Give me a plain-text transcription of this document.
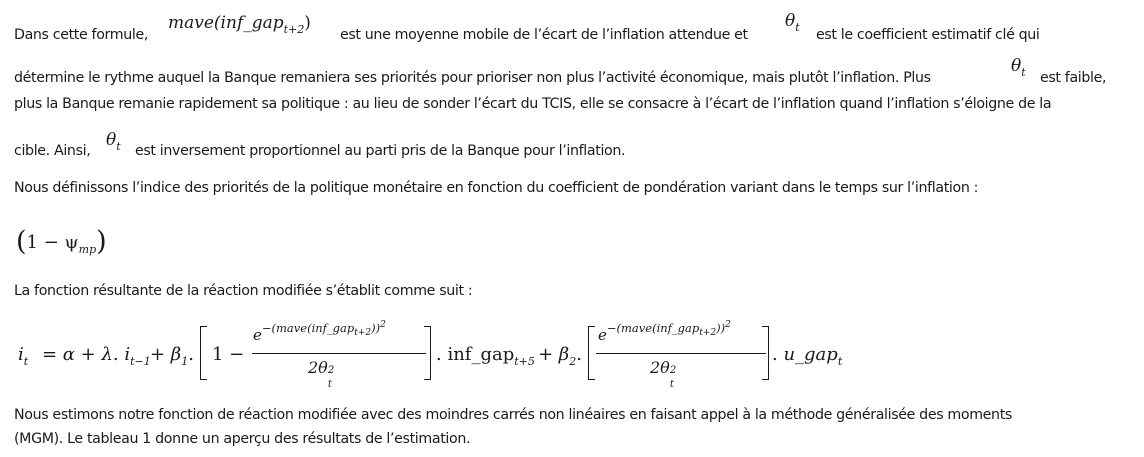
Dans cette formule,
mave(inf_gap$_{t+2}$)
est une moyenne mobile de l’écart de l’inflation attendue et
$\theta_t$ est le coefficient estimatif clé qui
détermine le rythme auquel la Banque remaniera ses priorités pour prioriser non plus l’activité économique, mais plutôt l’inflation. Plus
$\theta_t$ est faible,
plus la Banque remanie rapidement sa politique : au lieu de sonder l’écart du TCIS, elle se consacre à l’écart de l’inflation quand l’inflation s’éloigne de la
cible. Ainsi,
$\theta_t$ est inversement proportionnel au parti pris de la Banque pour l’inflation.
Nous définissons l’indice des priorités de la politique monétaire en fonction du coefficient de pondération variant dans le temps sur l’inflation :
$(1 - \psi_{mp})$
La fonction résultante de la réaction modifiée s’établit comme suit :
$i_t = \alpha + \lambda$. $i_{t-1} + \beta_1$. 1 −
$e^{-(mave(inf\_gap_{t+2}))^2}$
2θ 2
t
. inf_gap$_{t+5}$ + $\beta_2$.
$e^{-(mave(inf\_gap_{t+2}))^2}$
2θ 2
t
. u_gap$_t$
Nous estimons notre fonction de réaction modifiée avec des moindres carrés non linéaires en faisant appel à la méthode généralisée des moments
(MGM). Le tableau 1 donne un aperçu des résultats de l’estimation.
